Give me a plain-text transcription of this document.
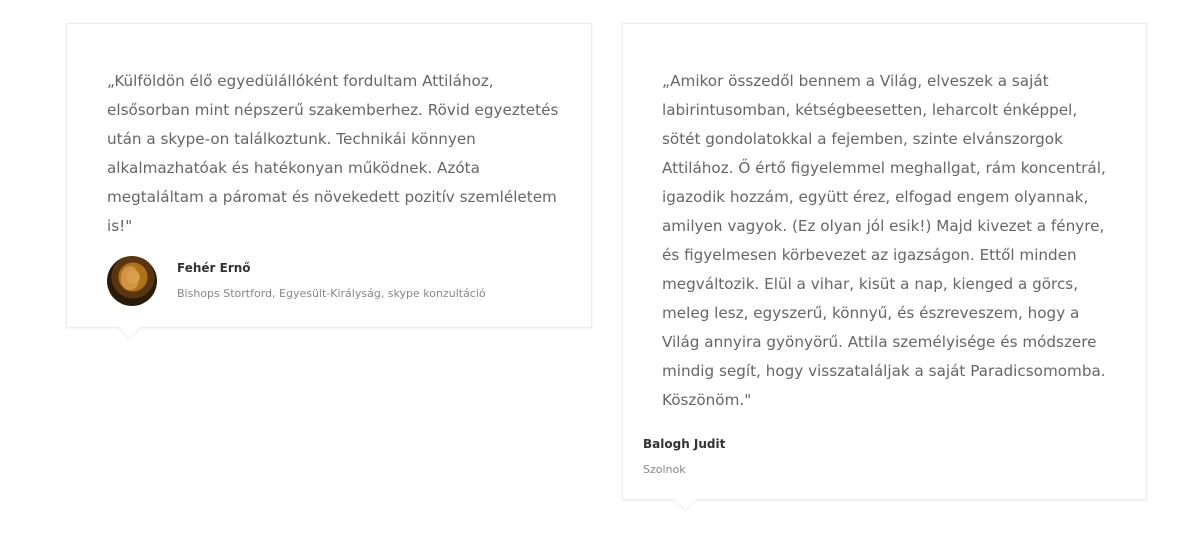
„Külföldön élő egyedülállóként fordultam Attilához, elsősorban mint népszerű szakemberhez. Rövid egyeztetés után a skype-on találkoztunk. Technikái könnyen alkalmazhatóak és hatékonyan működnek. Azóta megtaláltam a páromat és növekedett pozitív szemléletem is!"

Fehér Ernő
Bishops Stortford, Egyesült-Királyság, skype konzultáció

„Amikor összedől bennem a Világ, elveszek a saját labirintusomban, kétségbeesetten, leharcolt énképpel, sötét gondolatokkal a fejemben, szinte elvánszorgok Attilához. Ő értő figyelemmel meghallgat, rám koncentrál, igazodik hozzám, együtt érez, elfogad engem olyannak, amilyen vagyok. (Ez olyan jól esik!) Majd kivezet a fényre, és figyelmesen körbevezet az igazságon. Ettől minden megváltozik. Elül a vihar, kisüt a nap, kienged a görcs, meleg lesz, egyszerű, könnyű, és észreveszem, hogy a Világ annyira gyönyörű. Attila személyisége és módszere mindig segít, hogy visszataláljak a saját Paradicsomomba. Köszönöm."

Balogh Judit
Szolnok
